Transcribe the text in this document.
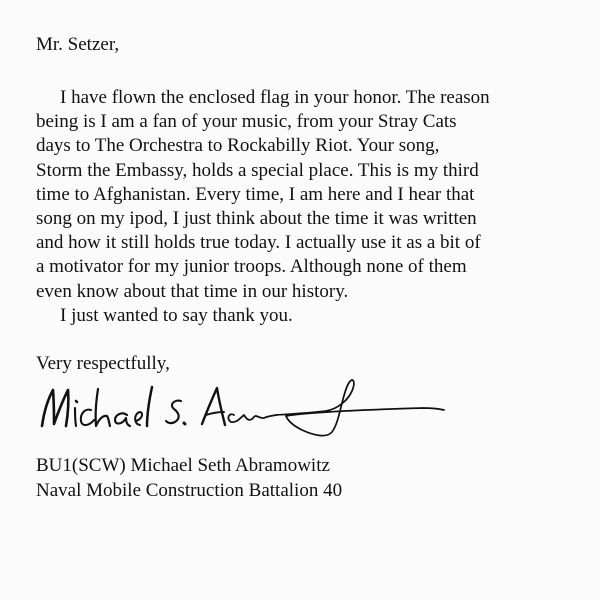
Mr. Setzer,

I have flown the enclosed flag in your honor. The reason
being is I am a fan of your music, from your Stray Cats
days to The Orchestra to Rockabilly Riot. Your song,
Storm the Embassy, holds a special place. This is my third
time to Afghanistan. Every time, I am here and I hear that
song on my ipod, I just think about the time it was written
and how it still holds true today. I actually use it as a bit of
a motivator for my junior troops. Although none of them
even know about that time in our history.
I just wanted to say thank you.

Very respectfully,

BU1(SCW) Michael Seth Abramowitz
Naval Mobile Construction Battalion 40
